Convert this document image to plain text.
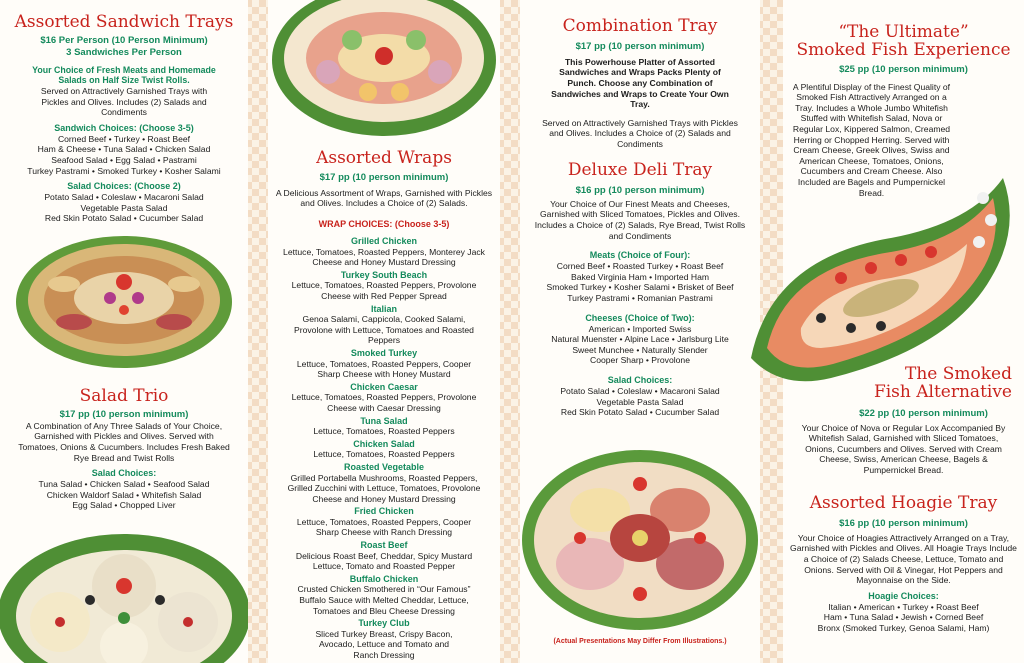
Assorted Sandwich Trays
$16 Per Person (10 Person Minimum)
3 Sandwiches Per Person
Your Choice of Fresh Meats and Homemade Salads on Half Size Twist Rolls.
Served on Attractively Garnished Trays with Pickles and Olives. Includes (2) Salads and Condiments
Sandwich Choices: (Choose 3-5)
Corned Beef • Turkey • Roast Beef
Ham & Cheese • Tuna Salad • Chicken Salad
Seafood Salad • Egg Salad • Pastrami
Turkey Pastrami • Smoked Turkey • Kosher Salami
Salad Choices: (Choose 2)
Potato Salad • Coleslaw • Macaroni Salad
Vegetable Pasta Salad
Red Skin Potato Salad • Cucumber Salad
Salad Trio
$17 pp (10 person minimum)
A Combination of Any Three Salads of Your Choice, Garnished with Pickles and Olives. Served with Tomatoes, Onions & Cucumbers. Includes Fresh Baked Rye Bread and Twist Rolls
Salad Choices:
Tuna Salad • Chicken Salad • Seafood Salad
Chicken Waldorf Salad • Whitefish Salad
Egg Salad • Chopped Liver
Assorted Wraps
$17 pp (10 person minimum)
A Delicious Assortment of Wraps, Garnished with Pickles and Olives. Includes a Choice of (2) Salads.
WRAP CHOICES: (Choose 3-5)
Grilled Chicken
Lettuce, Tomatoes, Roasted Peppers, Monterey Jack Cheese and Honey Mustard Dressing
Turkey South Beach
Lettuce, Tomatoes, Roasted Peppers, Provolone Cheese with Red Pepper Spread
Italian
Genoa Salami, Cappicola, Cooked Salami, Provolone with Lettuce, Tomatoes and Roasted Peppers
Smoked Turkey
Lettuce, Tomatoes, Roasted Peppers, Cooper Sharp Cheese with Honey Mustard
Chicken Caesar
Lettuce, Tomatoes, Roasted Peppers, Provolone Cheese with Caesar Dressing
Tuna Salad
Lettuce, Tomatoes, Roasted Peppers
Chicken Salad
Lettuce, Tomatoes, Roasted Peppers
Roasted Vegetable
Grilled Portabella Mushrooms, Roasted Peppers, Grilled Zucchini with Lettuce, Tomatoes, Provolone Cheese and Honey Mustard Dressing
Fried Chicken
Lettuce, Tomatoes, Roasted Peppers, Cooper Sharp Cheese with Ranch Dressing
Roast Beef
Delicious Roast Beef, Cheddar, Spicy Mustard Lettuce, Tomato and Roasted Pepper
Buffalo Chicken
Crusted Chicken Smothered in “Our Famous” Buffalo Sauce with Melted Cheddar, Lettuce, Tomatoes and Bleu Cheese Dressing
Turkey Club
Sliced Turkey Breast, Crispy Bacon, Avocado, Lettuce and Tomato and Ranch Dressing
Combination Tray
$17 pp (10 person minimum)
This Powerhouse Platter of Assorted Sandwiches and Wraps Packs Plenty of Punch. Choose any Combination of Sandwiches and Wraps to Create Your Own Tray.
Served on Attractively Garnished Trays with Pickles and Olives. Includes a Choice of (2) Salads and Condiments
Deluxe Deli Tray
$16 pp (10 person minimum)
Your Choice of Our Finest Meats and Cheeses, Garnished with Sliced Tomatoes, Pickles and Olives. Includes a Choice of (2) Salads, Rye Bread, Twist Rolls and Condiments
Meats (Choice of Four):
Corned Beef • Roasted Turkey • Roast Beef
Baked Virginia Ham • Imported Ham
Smoked Turkey • Kosher Salami • Brisket of Beef
Turkey Pastrami • Romanian Pastrami
Cheeses (Choice of Two):
American • Imported Swiss
Natural Muenster • Alpine Lace • Jarlsburg Lite
Sweet Munchee • Naturally Slender
Cooper Sharp • Provolone
Salad Choices:
Potato Salad • Coleslaw • Macaroni Salad
Vegetable Pasta Salad
Red Skin Potato Salad • Cucumber Salad
(Actual Presentations May Differ From Illustrations.)
“The Ultimate”
Smoked Fish Experience
$25 pp (10 person minimum)
A Plentiful Display of the Finest Quality of Smoked Fish Attractively Arranged on a Tray. Includes a Whole Jumbo Whitefish Stuffed with Whitefish Salad, Nova or Regular Lox, Kippered Salmon, Creamed Herring or Chopped Herring. Served with Cream Cheese, Greek Olives, Swiss and American Cheese, Tomatoes, Onions, Cucumbers and Cream Cheese. Also Included are Bagels and Pumpernickel Bread.
The Smoked
Fish Alternative
$22 pp (10 person minimum)
Your Choice of Nova or Regular Lox Accompanied By Whitefish Salad, Garnished with Sliced Tomatoes, Onions, Cucumbers and Olives. Served with Cream Cheese, Swiss, American Cheese, Bagels & Pumpernickel Bread.
Assorted Hoagie Tray
$16 pp (10 person minimum)
Your Choice of Hoagies Attractively Arranged on a Tray, Garnished with Pickles and Olives. All Hoagie Trays Include a Choice of (2) Salads Cheese, Lettuce, Tomato and Onions. Served with Oil & Vinegar, Hot Peppers and Mayonnaise on the Side.
Hoagie Choices:
Italian • American • Turkey • Roast Beef
Ham • Tuna Salad • Jewish • Corned Beef
Bronx (Smoked Turkey, Genoa Salami, Ham)
